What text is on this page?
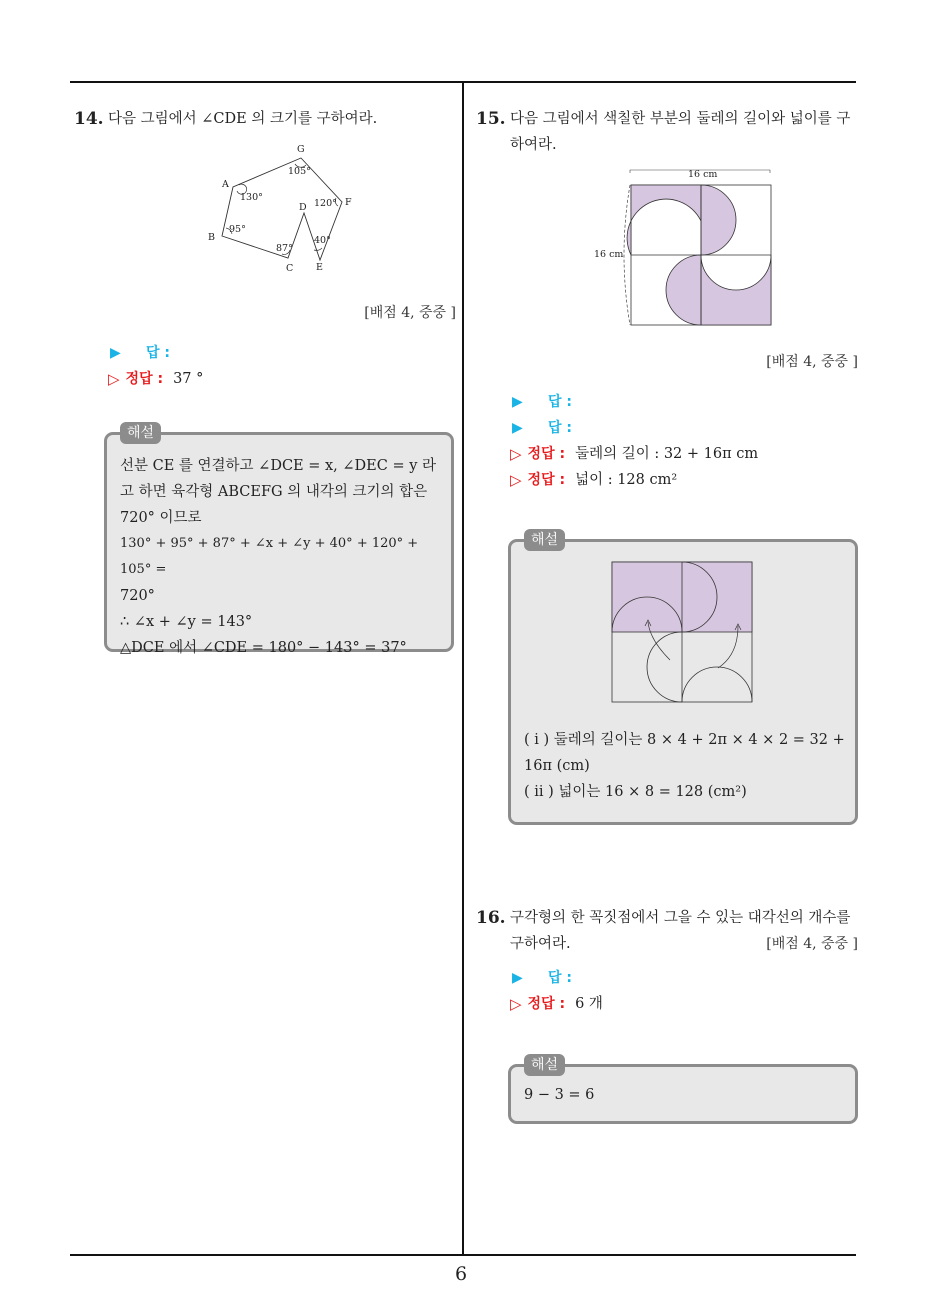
6
14. 다음 그림에서 ∠CDE 의 크기를 구하여라.
G
A
F
D
B
C E
130°
95°
87°
40°
120°
105°
[배점 4, 중중 ]
▶	답 :
▷ 정답 : 37 °
선분 CE 를 연결하고 ∠DCE = x, ∠DEC = y 라
고 하면 육각형 ABCEFG 의 내각의 크기의 합은
720° 이므로
130° + 95° + 87° + ∠x + ∠y + 40° + 120° + 105° =
720°
∴ ∠x + ∠y = 143°
△DCE 에서 ∠CDE = 180° − 143° = 37°
해설
15. 다음 그림에서 색칠한 부분의 둘레의 길이와 넓이를 구하여라.
16 cm
16 cm
[배점 4, 중중 ]
▶	답 :
▶	답 :
▷ 정답 : 둘레의 길이 : 32 + 16π cm
▷ 정답 : 넓이 : 128 cm²
( i ) 둘레의 길이는 8 × 4 + 2π × 4 × 2 = 32 +
16π (cm)
( ii ) 넓이는 16 × 8 = 128 (cm²)
해설
16. 구각형의 한 꼭짓점에서 그을 수 있는 대각선의 개수를 구하여라.	[배점 4, 중중 ]
▶	답 :
▷ 정답 : 6 개
9 − 3 = 6
해설
